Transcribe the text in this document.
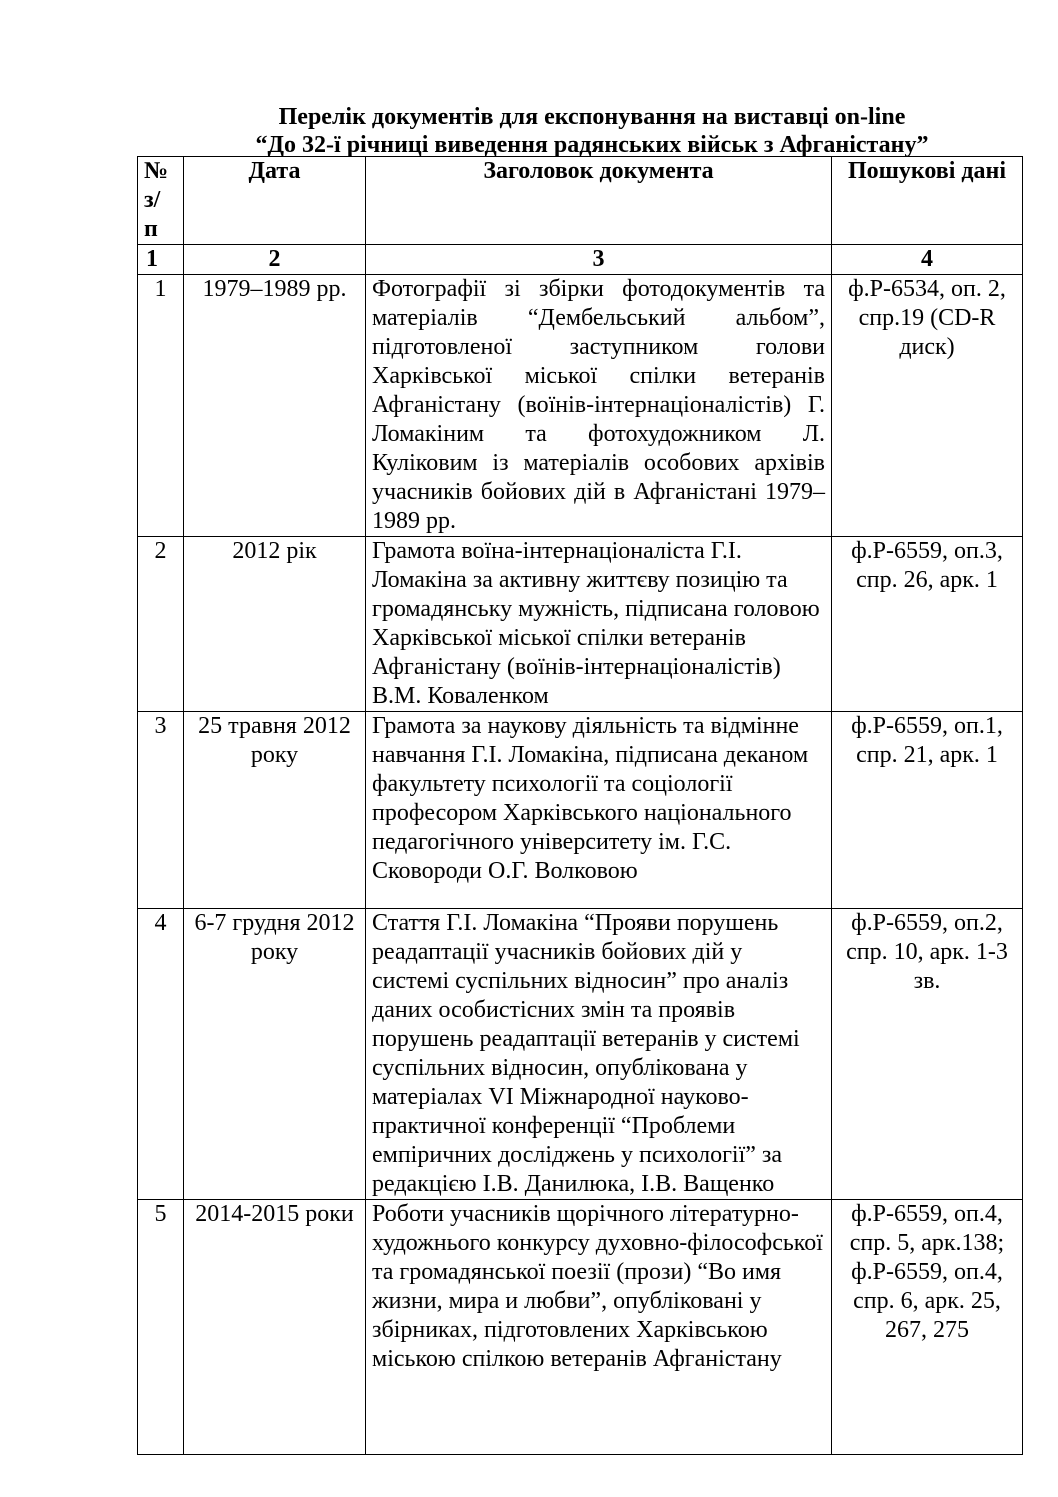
Перелік документів для експонування на виставці on-line
“До 32-ї річниці виведення радянських військ з Афганістану”
№
з/
п	Дата	Заголовок документа	Пошукові дані
1	2	3	4
1	1979–1989 рр.	Фотографії зі збірки фотодокументів та матеріалів “Дембельський альбом”, підготовленої заступником голови Харківської міської спілки ветеранів Афганістану (воїнів-інтернаціоналістів) Г. Ломакіним та фотохудожником Л. Куліковим із матеріалів особових архівів учасників бойових дій в Афганістані 1979–1989 рр.	ф.Р-6534, оп. 2, спр.19 (CD-R диск)
2	2012 рік	Грамота воїна-інтернаціоналіста Г.І. Ломакіна за активну життєву позицію та громадянську мужність, підписана головою Харківської міської спілки ветеранів Афганістану (воїнів-інтернаціоналістів) В.М. Коваленком	ф.Р-6559, оп.3, спр. 26, арк. 1
3	25 травня 2012 року	Грамота за наукову діяльність та відмінне навчання Г.І. Ломакіна, підписана деканом факультету психології та соціології професором Харківського національного педагогічного університету ім. Г.С. Сковороди О.Г. Волковою	ф.Р-6559, оп.1, спр. 21, арк. 1
4	6-7 грудня 2012 року	Стаття Г.І. Ломакіна “Прояви порушень реадаптації учасників бойових дій у системі суспільних відносин” про аналіз даних особистісних змін та проявів порушень реадаптації ветеранів у системі суспільних відносин, опублікована у матеріалах VI Міжнародної науково-практичної конференції “Проблеми емпіричних досліджень у психології” за редакцією І.В. Данилюка, І.В. Ващенко	ф.Р-6559, оп.2, спр. 10, арк. 1-3 зв.
5	2014-2015 роки	Роботи учасників щорічного літературно-художнього конкурсу духовно-філософської та громадянської поезії (прози) “Во имя жизни, мира и любви”, опубліковані у збірниках, підготовлених Харківською міською спілкою ветеранів Афганістану	ф.Р-6559, оп.4, спр. 5, арк.138; ф.Р-6559, оп.4, спр. 6, арк. 25, 267, 275
